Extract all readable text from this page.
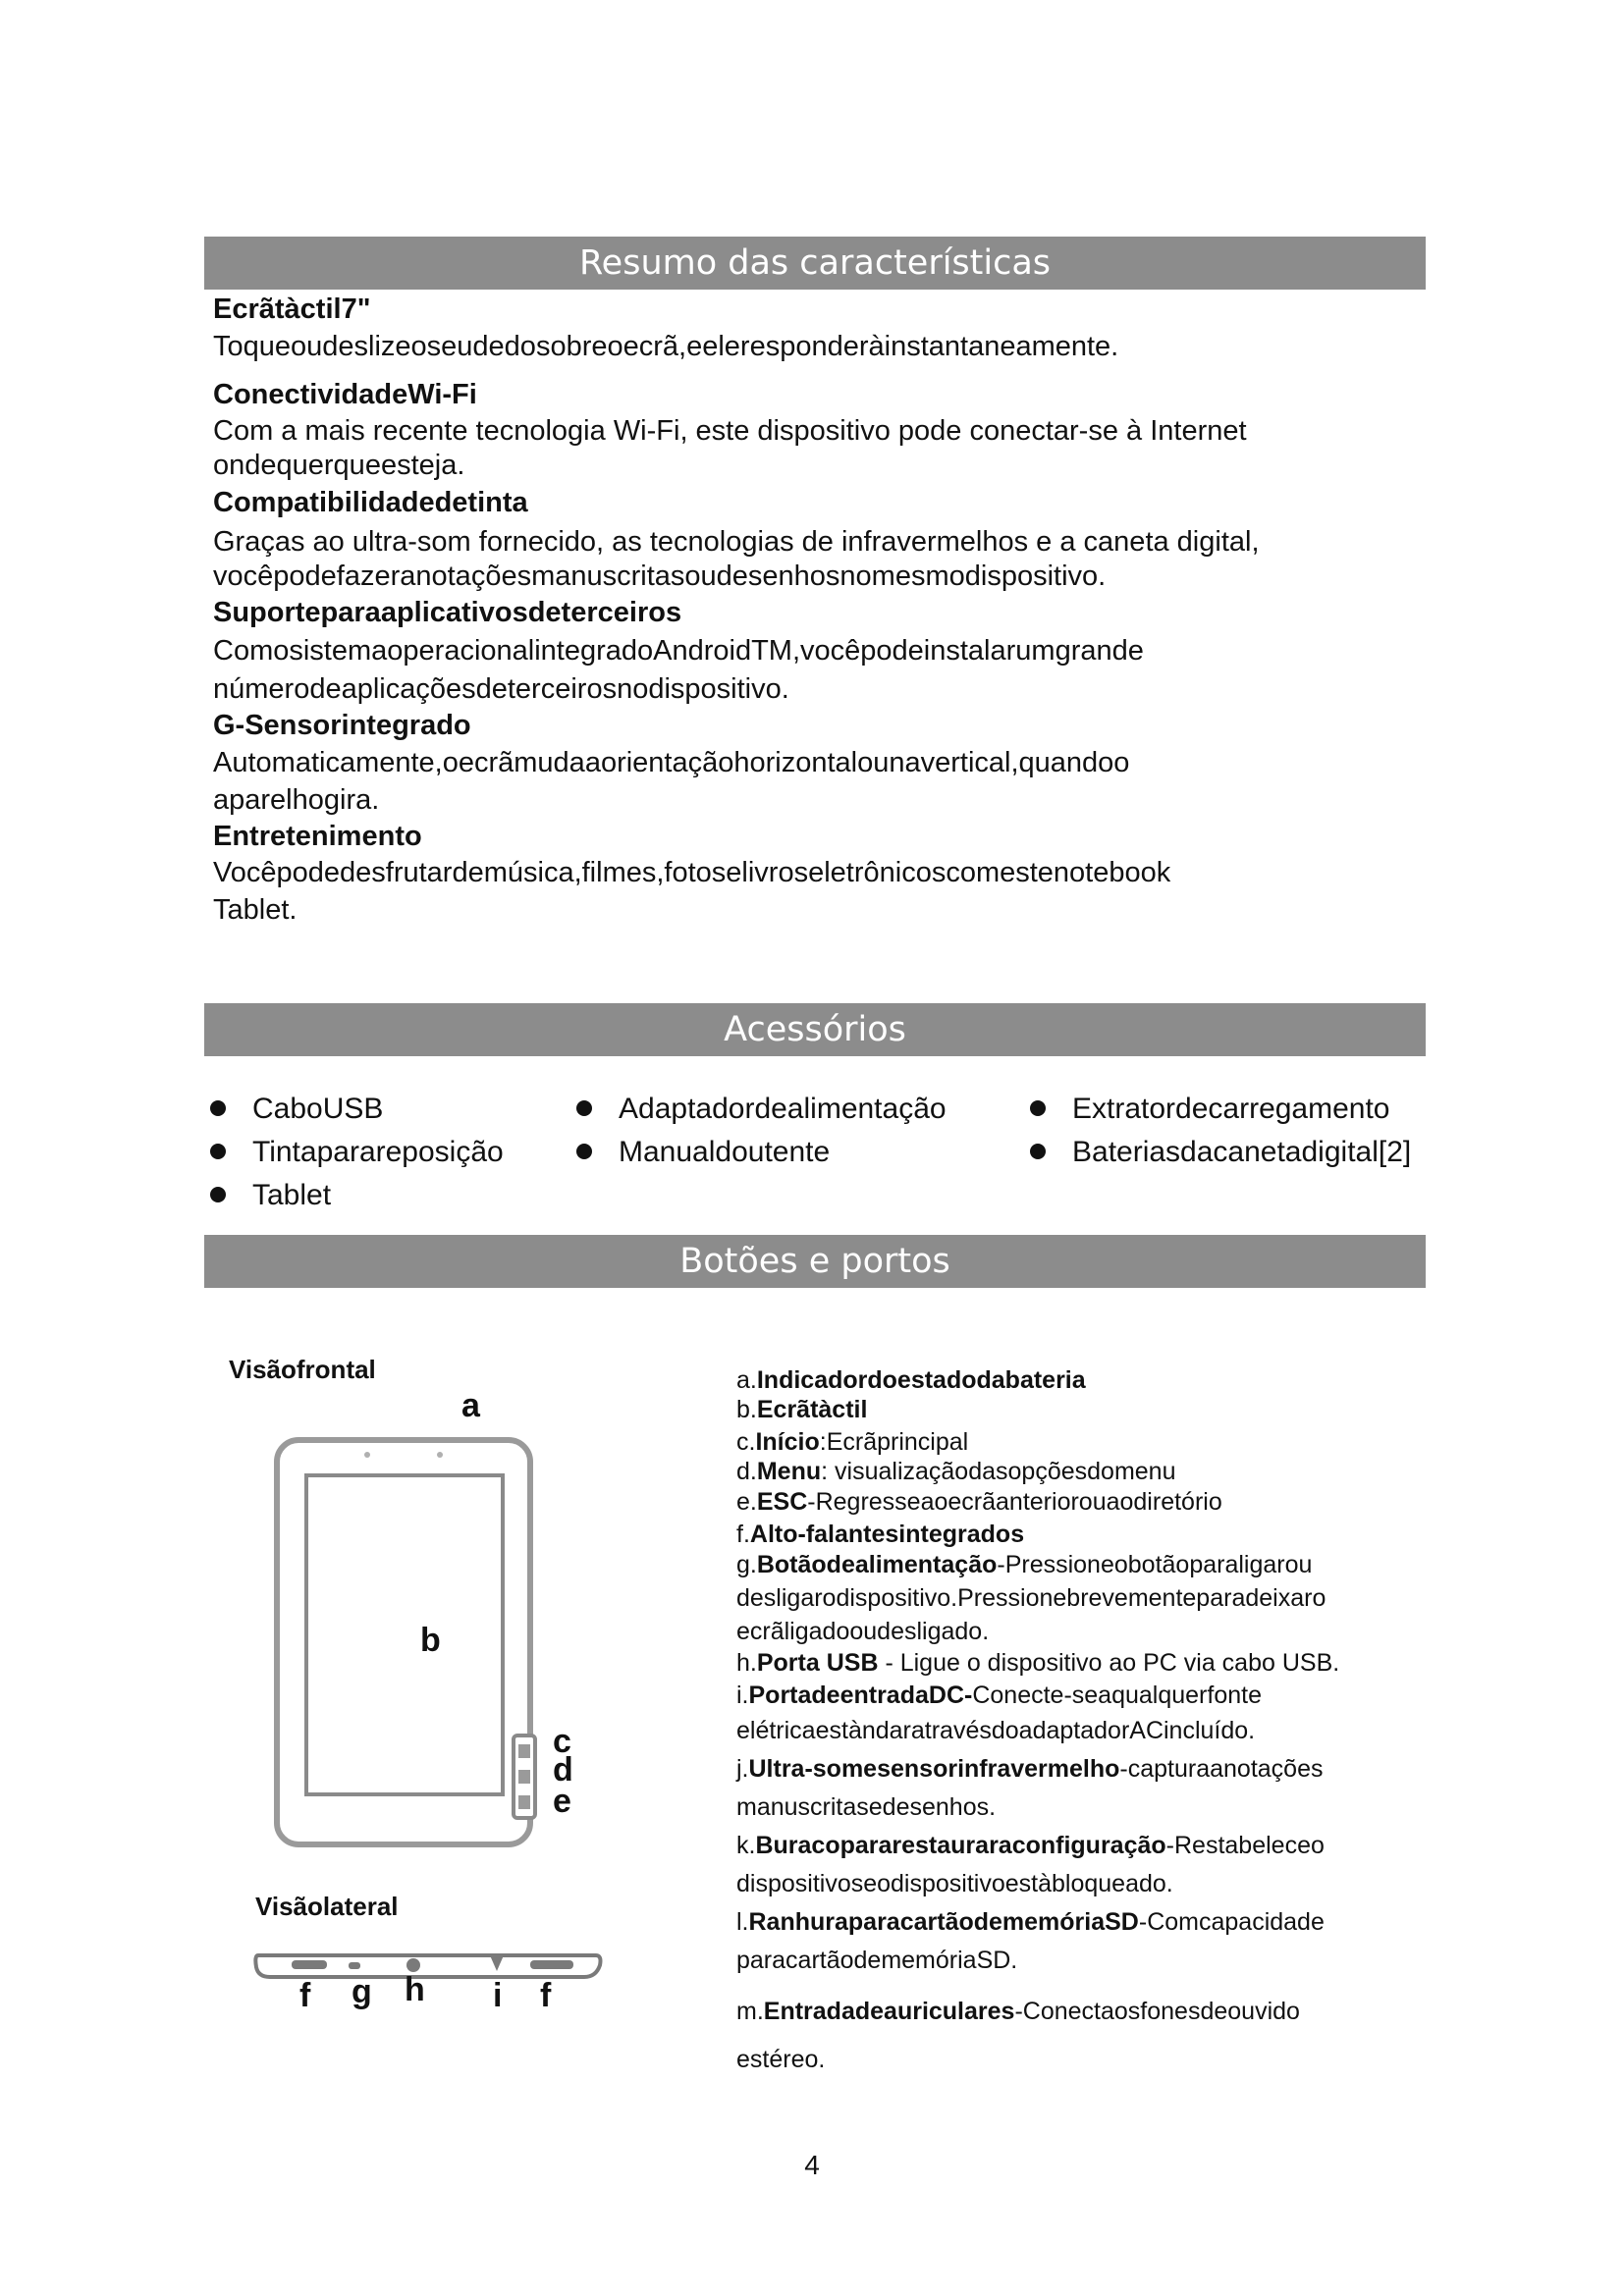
Resumo das características
Ecrãtàctil7"
Toqueoudeslizeoseudedosobreoecrã,eeleresponderàinstantaneamente.
ConectividadeWi-Fi
Com a mais recente tecnologia Wi-Fi, este dispositivo pode conectar-se à Internet
ondequerqueesteja.
Compatibilidadedetinta
Graças ao ultra-som fornecido, as tecnologias de infravermelhos e a caneta digital,
vocêpodefazeranotaçõesmanuscritasoudesenhosnomesmodispositivo.
Suporteparaaplicativosdeterceiros
ComosistemaoperacionalintegradoAndroidTM,vocêpodeinstalarumgrande
númerodeaplicaçõesdeterceirosnodispositivo.
G-Sensorintegrado
Automaticamente,oecrãmudaaorientaçãohorizontalounavertical,quandoo
aparelhogira.
Entretenimento
Vocêpodedesfrutardemúsica,filmes,fotoselivroseletrônicoscomestenotebook
Tablet.
Acessórios
CaboUSB	Adaptadordealimentação	Extratordecarregamento
Tintaparareposição	Manualdoutente	Bateriasdacanetadigital[2]
Tablet
Botões e portos
Visãofrontal
Visãolateral
a
b
c
d
e
f g h i f
a.Indicadordoestadodabateria
b.Ecrãtàctil
c.Início:Ecrãprincipal
d.Menu: visualizaçãodasopçõesdomenu
e.ESC-Regresseaoecrãanteriorouaodiretório
f.Alto-falantesintegrados
g.Botãodealimentação-Pressioneobotãoparaligarou
desligarodispositivo.Pressionebrevementeparadeixaro
ecrãligadooudesligado.
h.Porta USB - Ligue o dispositivo ao PC via cabo USB.
i.PortadeentradaDC-Conecte-seaqualquerfonte
elétricaestàndaratravésdoadaptadorACincluído.
j.Ultra-somesensorinfravermelho-capturaanotações
manuscritasedesenhos.
k.Buracopararestauraraconfiguração-Restabeleceo
dispositivoseodispositivoestàbloqueado.
l.RanhuraparacartãodememóriaSD-Comcapacidade
paracartãodememóriaSD.
m.Entradadeauriculares-Conectaosfonesdeouvido
estéreo.
4
